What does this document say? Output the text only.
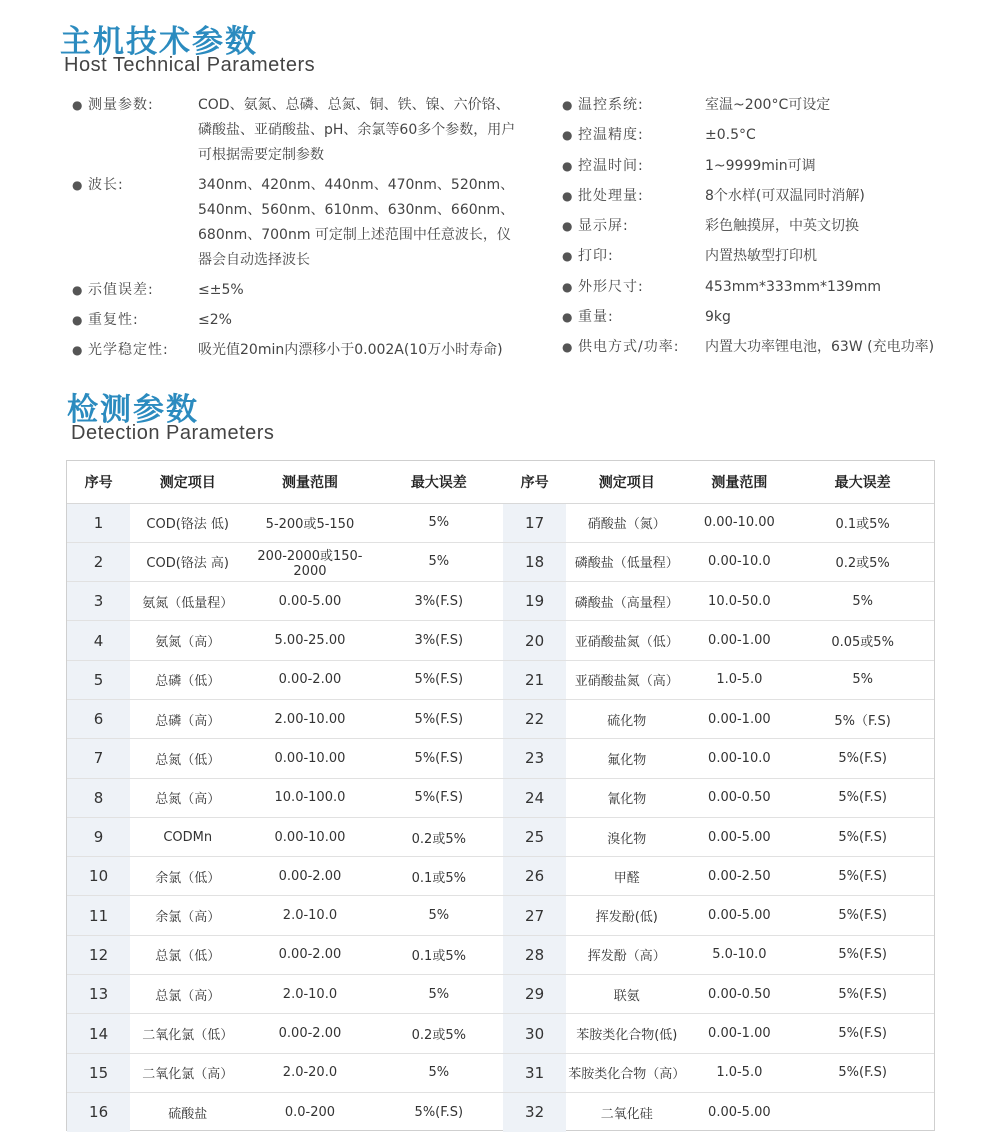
主机技术参数
Host Technical Parameters
● 测量参数:	COD、氨氮、总磷、总氮、铜、铁、镍、六价铬、磷酸盐、亚硝酸盐、pH、余氯等60多个参数，用户可根据需要定制参数
● 波长:	340nm、420nm、440nm、470nm、520nm、540nm、560nm、610nm、630nm、660nm、680nm、700nm 可定制上述范围中任意波长，仪器会自动选择波长
● 示值误差:	≤±5%
● 重复性:	≤2%
● 光学稳定性:	吸光值20min内漂移小于0.002A(10万小时寿命)
● 温控系统:	室温~200°C可设定
● 控温精度:	±0.5°C
● 控温时间:	1~9999min可调
● 批处理量:	8个水样(可双温同时消解)
● 显示屏:	彩色触摸屏，中英文切换
● 打印:	内置热敏型打印机
● 外形尺寸:	453mm*333mm*139mm
● 重量:	9kg
● 供电方式/功率:	内置大功率锂电池，63W (充电功率)
检测参数
Detection Parameters
序号	测定项目	测量范围	最大误差	序号	测定项目	测量范围	最大误差
1	COD(铬法 低)	5-200或5-150	5%	17	硝酸盐（氮）	0.00-10.00	0.1或5%
2	COD(铬法 高)	200-2000或150-2000	5%	18	磷酸盐（低量程）	0.00-10.0	0.2或5%
3	氨氮（低量程）	0.00-5.00	3%(F.S)	19	磷酸盐（高量程）	10.0-50.0	5%
4	氨氮（高）	5.00-25.00	3%(F.S)	20	亚硝酸盐氮（低）	0.00-1.00	0.05或5%
5	总磷（低）	0.00-2.00	5%(F.S)	21	亚硝酸盐氮（高）	1.0-5.0	5%
6	总磷（高）	2.00-10.00	5%(F.S)	22	硫化物	0.00-1.00	5%（F.S)
7	总氮（低）	0.00-10.00	5%(F.S)	23	氟化物	0.00-10.0	5%(F.S)
8	总氮（高）	10.0-100.0	5%(F.S)	24	氰化物	0.00-0.50	5%(F.S)
9	CODMn	0.00-10.00	0.2或5%	25	溴化物	0.00-5.00	5%(F.S)
10	余氯（低）	0.00-2.00	0.1或5%	26	甲醛	0.00-2.50	5%(F.S)
11	余氯（高）	2.0-10.0	5%	27	挥发酚(低)	0.00-5.00	5%(F.S)
12	总氯（低）	0.00-2.00	0.1或5%	28	挥发酚（高）	5.0-10.0	5%(F.S)
13	总氯（高）	2.0-10.0	5%	29	联氨	0.00-0.50	5%(F.S)
14	二氧化氯（低）	0.00-2.00	0.2或5%	30	苯胺类化合物(低)	0.00-1.00	5%(F.S)
15	二氧化氯（高）	2.0-20.0	5%	31	苯胺类化合物（高）	1.0-5.0	5%(F.S)
16	硫酸盐	0.0-200	5%(F.S)	32	二氧化硅	0.00-5.00	
